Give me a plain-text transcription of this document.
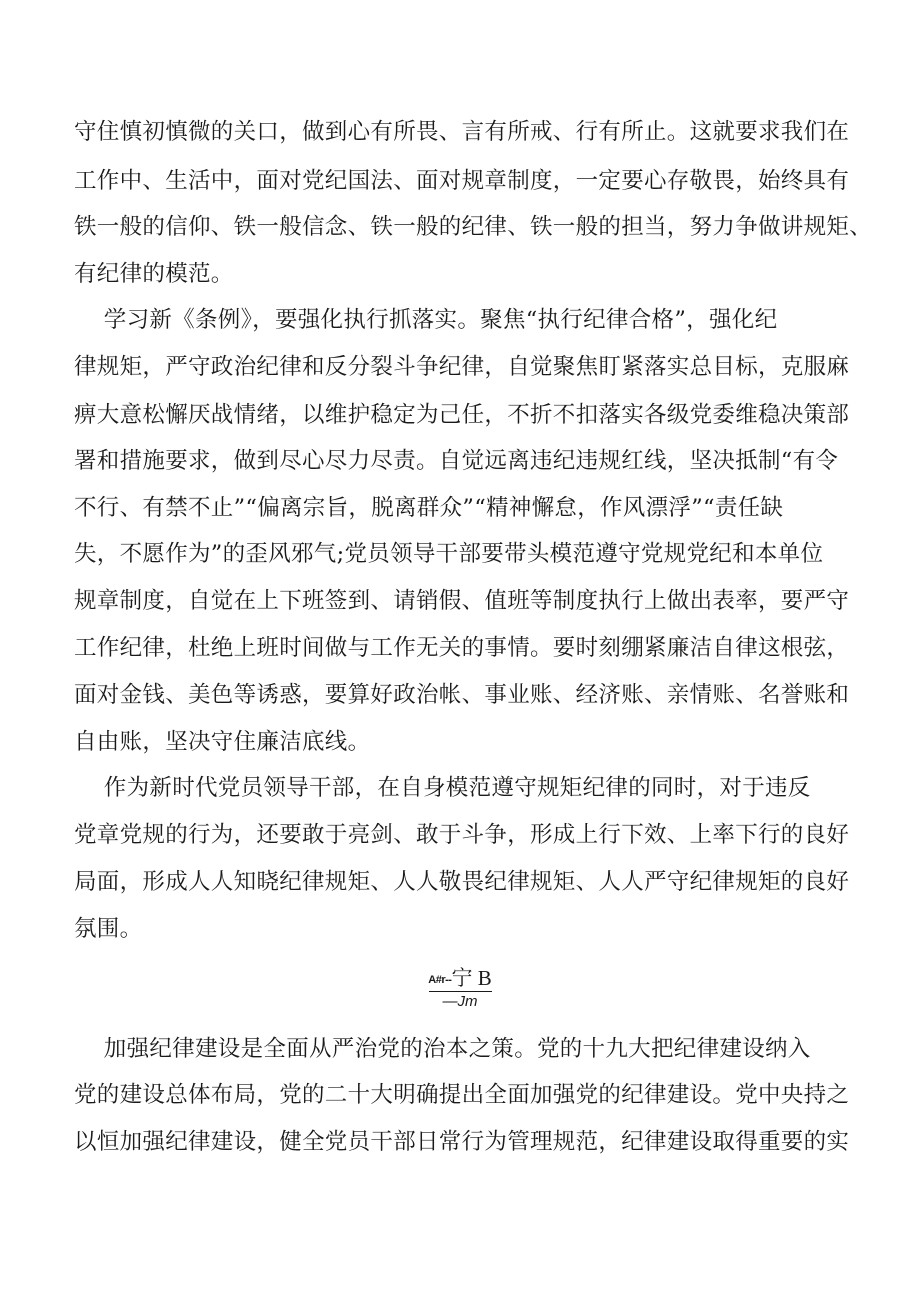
守住慎初慎微的关口，做到心有所畏、言有所戒、行有所止。这就要求我们在
工作中、生活中，面对党纪国法、面对规章制度，一定要心存敬畏，始终具有
铁一般的信仰、铁一般信念、铁一般的纪律、铁一般的担当，努力争做讲规矩、
有纪律的模范。
学习新《条例》，要强化执行抓落实。聚焦“执行纪律合格”，强化纪
律规矩，严守政治纪律和反分裂斗争纪律，自觉聚焦盯紧落实总目标，克服麻
痹大意松懈厌战情绪，以维护稳定为己任，不折不扣落实各级党委维稳决策部
署和措施要求，做到尽心尽力尽责。自觉远离违纪违规红线，坚决抵制“有令
不行、有禁不止”“偏离宗旨，脱离群众”“精神懈怠，作风漂浮”“责任缺
失，不愿作为”的歪风邪气;党员领导干部要带头模范遵守党规党纪和本单位
规章制度，自觉在上下班签到、请销假、值班等制度执行上做出表率，要严守
工作纪律，杜绝上班时间做与工作无关的事情。要时刻绷紧廉洁自律这根弦，
面对金钱、美色等诱惑，要算好政治帐、事业账、经济账、亲情账、名誉账和
自由账，坚决守住廉洁底线。
作为新时代党员领导干部，在自身模范遵守规矩纪律的同时，对于违反
党章党规的行为，还要敢于亮剑、敢于斗争，形成上行下效、上率下行的良好
局面，形成人人知晓纪律规矩、人人敬畏纪律规矩、人人严守纪律规矩的良好
氛围。
A#r--宁 B
—Jm
加强纪律建设是全面从严治党的治本之策。党的十九大把纪律建设纳入
党的建设总体布局，党的二十大明确提出全面加强党的纪律建设。党中央持之
以恒加强纪律建设，健全党员干部日常行为管理规范，纪律建设取得重要的实
